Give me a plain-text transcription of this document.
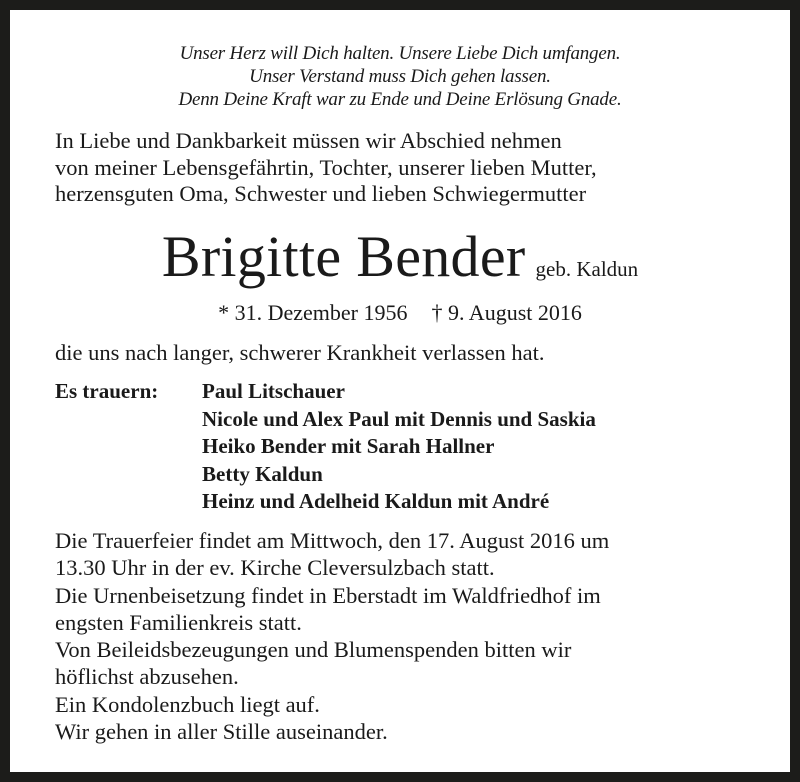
Unser Herz will Dich halten. Unsere Liebe Dich umfangen.
Unser Verstand muss Dich gehen lassen.
Denn Deine Kraft war zu Ende und Deine Erlösung Gnade.
In Liebe und Dankbarkeit müssen wir Abschied nehmen
von meiner Lebensgefährtin, Tochter, unserer lieben Mutter,
herzensguten Oma, Schwester und lieben Schwiegermutter
Brigitte Bender geb. Kaldun
* 31. Dezember 1956 † 9. August 2016
die uns nach langer, schwerer Krankheit verlassen hat.
Es trauern: Paul Litschauer
Nicole und Alex Paul mit Dennis und Saskia
Heiko Bender mit Sarah Hallner
Betty Kaldun
Heinz und Adelheid Kaldun mit André
Die Trauerfeier findet am Mittwoch, den 17. August 2016 um
13.30 Uhr in der ev. Kirche Cleversulzbach statt.
Die Urnenbeisetzung findet in Eberstadt im Waldfriedhof im
engsten Familienkreis statt.
Von Beileidsbezeugungen und Blumenspenden bitten wir
höflichst abzusehen.
Ein Kondolenzbuch liegt auf.
Wir gehen in aller Stille auseinander.
